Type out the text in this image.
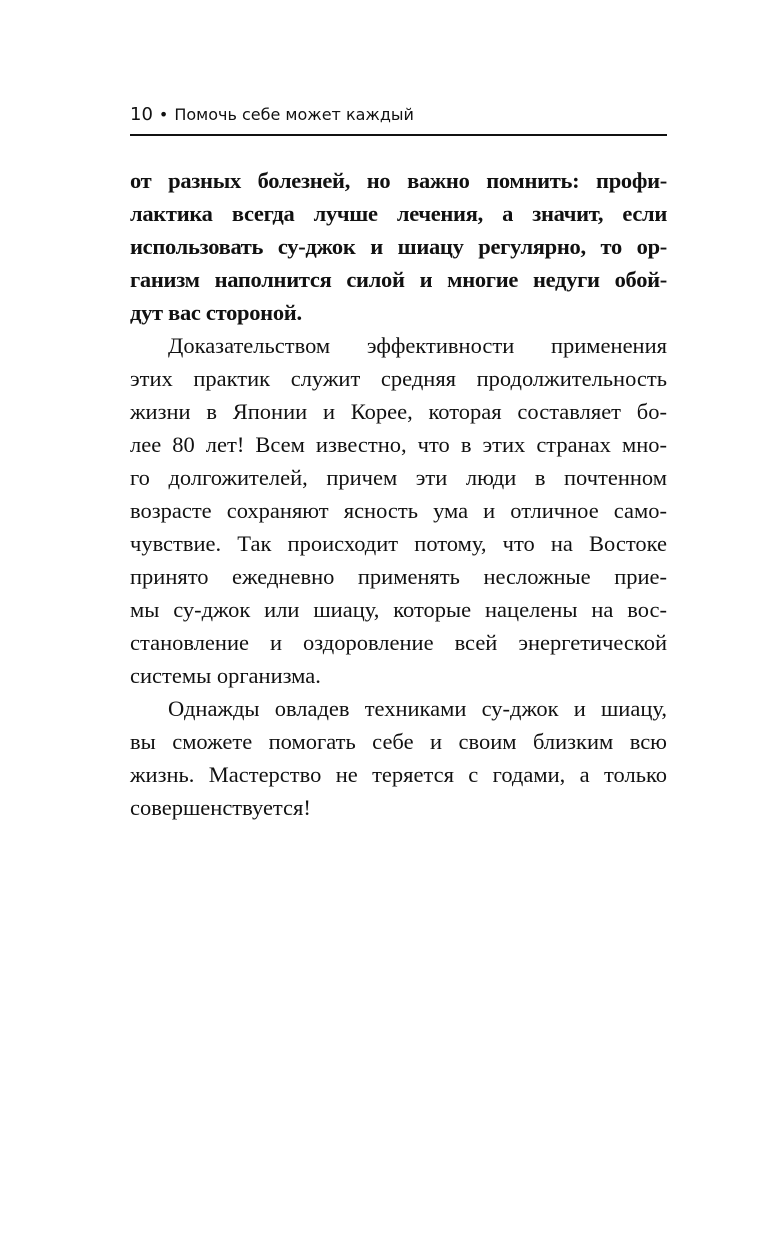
10 • Помочь себе может каждый

от разных болезней, но важно помнить: профи-
лактика всегда лучше лечения, а значит, если
использовать су-джок и шиацу регулярно, то ор-
ганизм наполнится силой и многие недуги обой-
дут вас стороной.

Доказательством эффективности применения
этих практик служит средняя продолжительность
жизни в Японии и Корее, которая составляет бо-
лее 80 лет! Всем известно, что в этих странах мно-
го долгожителей, причем эти люди в почтенном
возрасте сохраняют ясность ума и отличное само-
чувствие. Так происходит потому, что на Востоке
принято ежедневно применять несложные прие-
мы су-джок или шиацу, которые нацелены на вос-
становление и оздоровление всей энергетической
системы организма.

Однажды овладев техниками су-джок и шиацу,
вы сможете помогать себе и своим близким всю
жизнь. Мастерство не теряется с годами, а только
совершенствуется!
